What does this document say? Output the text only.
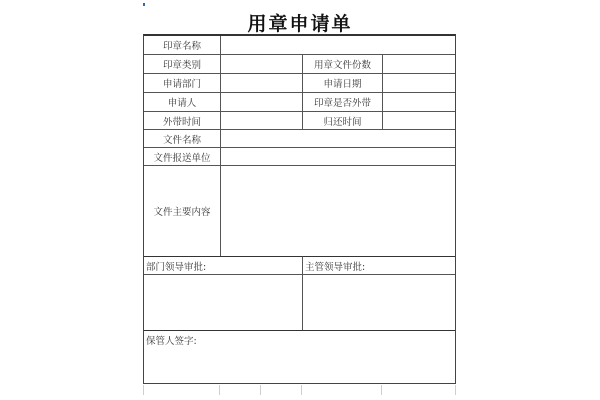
用章申请单
印章名称
印章类别	用章文件份数
申请部门	申请日期
申请人	印章是否外带
外带时间	归还时间
文件名称
文件报送单位
文件主要内容
部门领导审批:	主管领导审批:
保管人签字:
